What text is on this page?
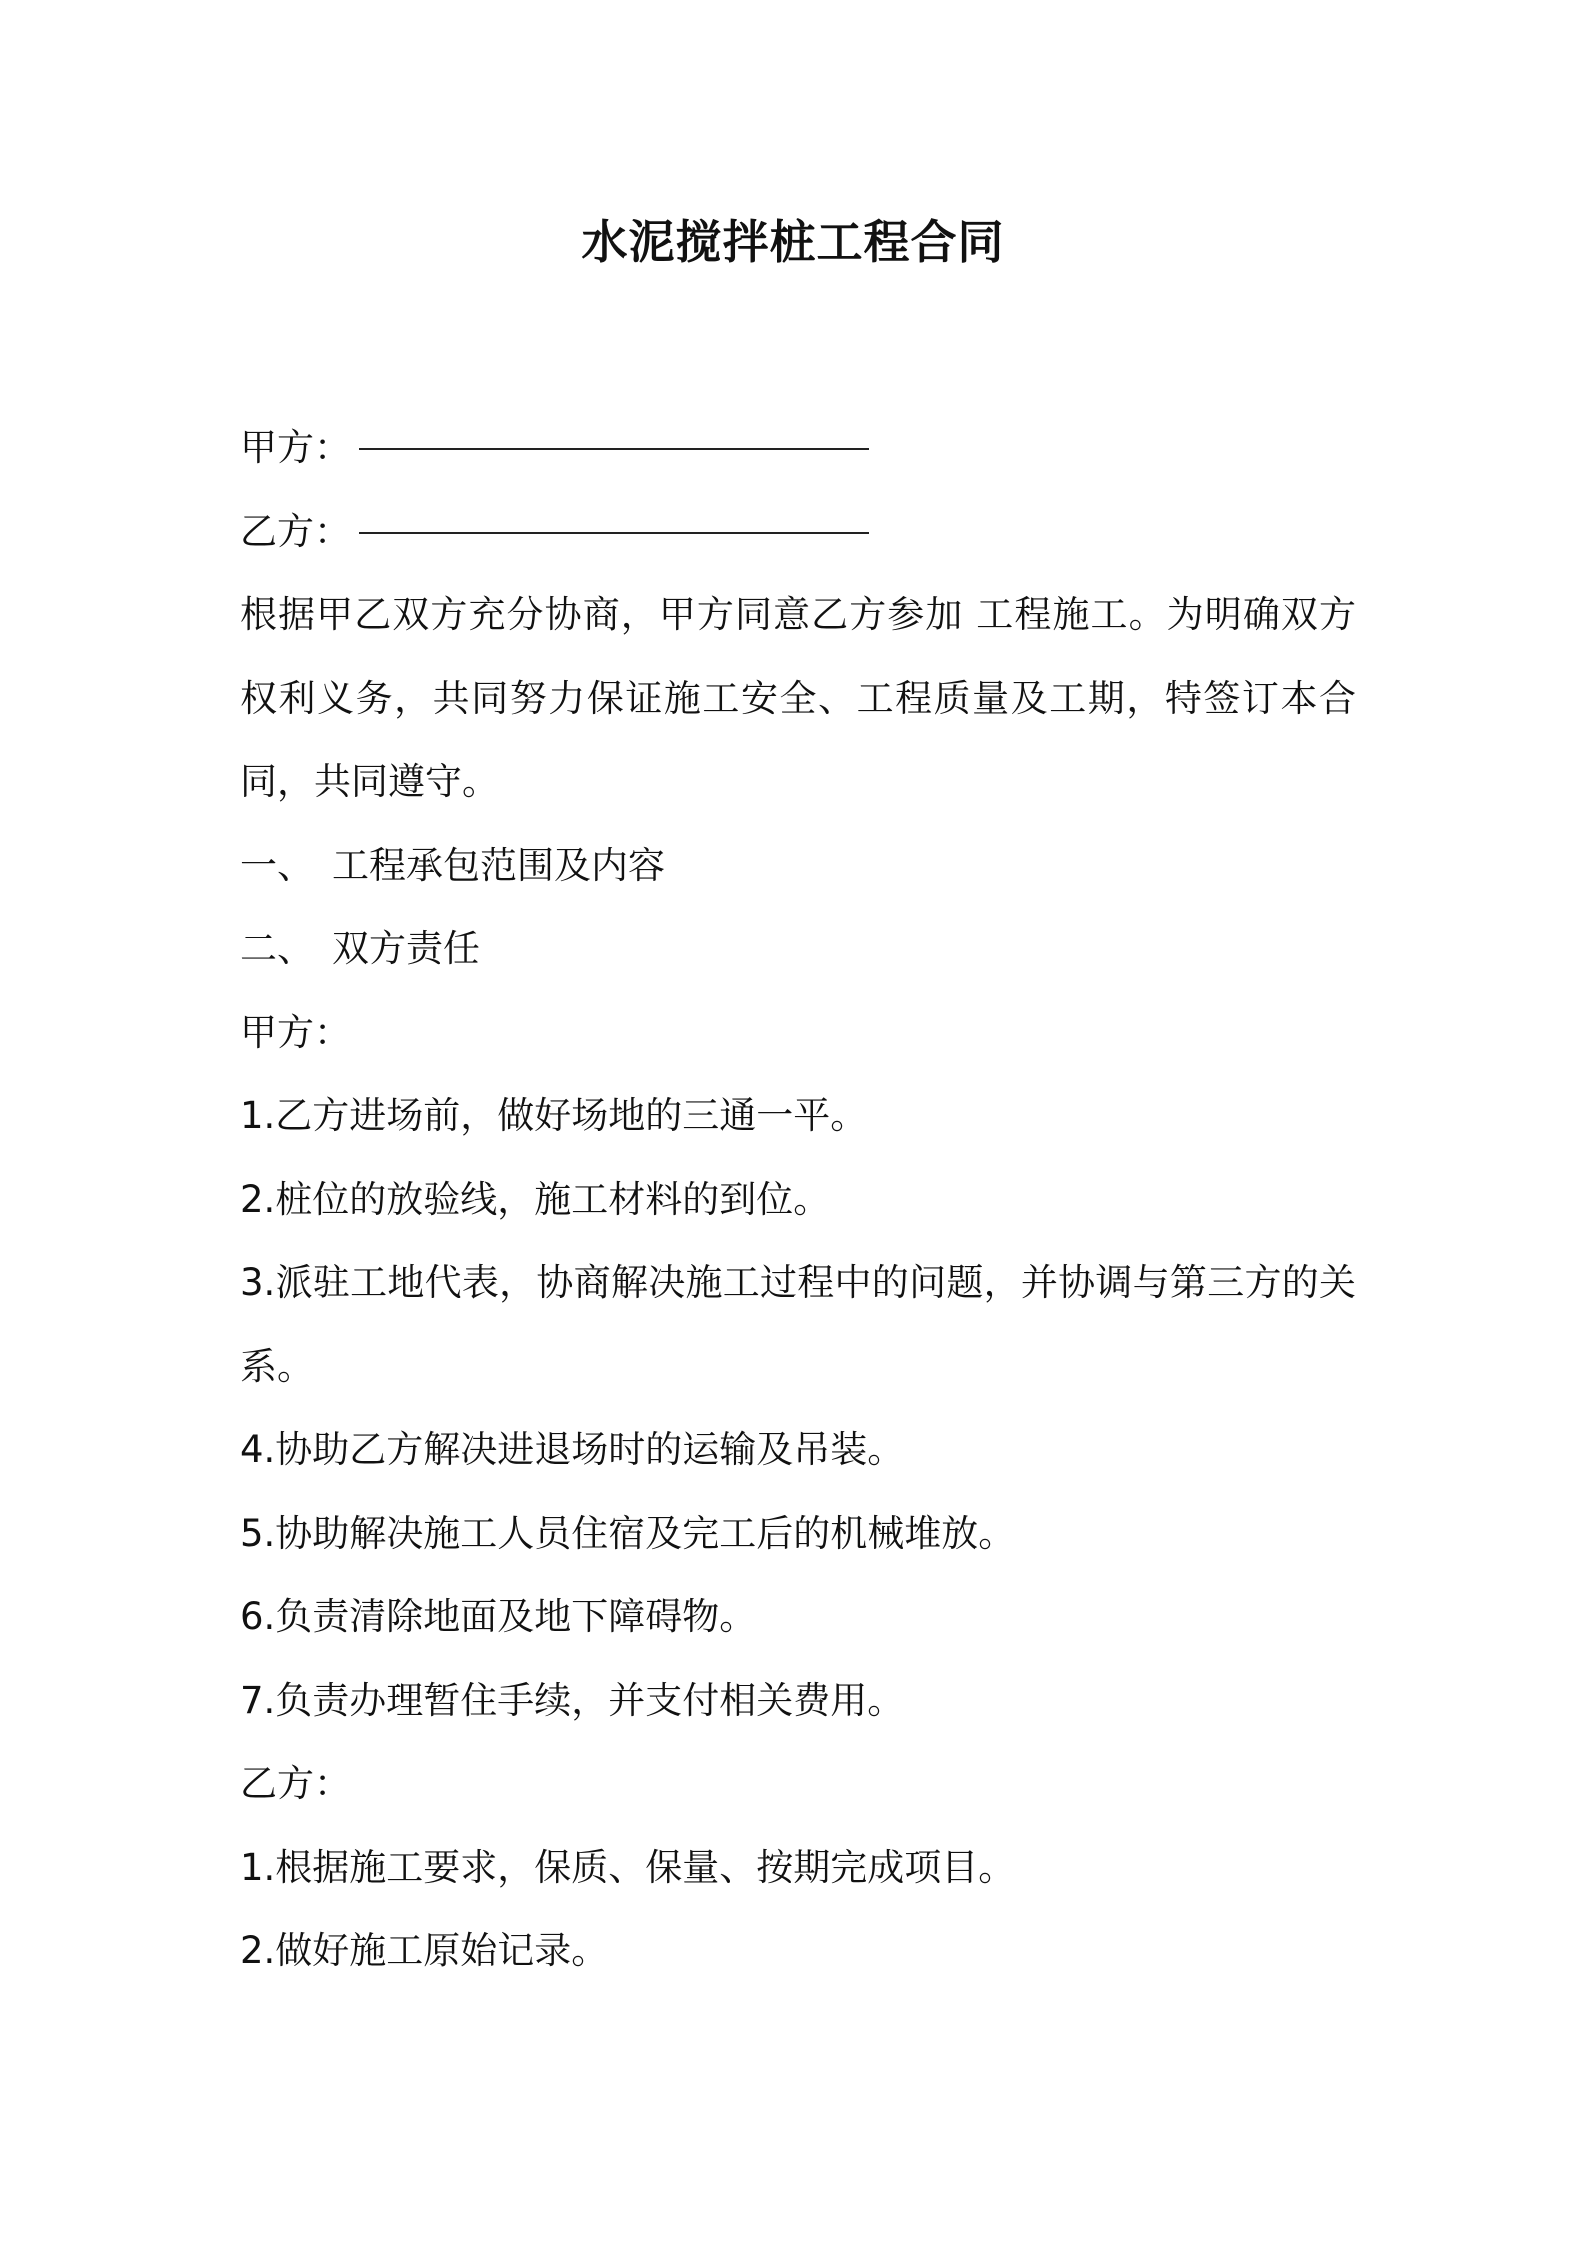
水泥搅拌桩工程合同
甲方：
乙方：
根据甲乙双方充分协商，甲方同意乙方参加 工程施工。为明确双方权利义务，共同努力保证施工安全、工程质量及工期，特签订本合同，共同遵守。
一、 工程承包范围及内容
二、 双方责任
甲方：
1.乙方进场前，做好场地的三通一平。
2.桩位的放验线，施工材料的到位。
3.派驻工地代表，协商解决施工过程中的问题，并协调与第三方的关系。
4.协助乙方解决进退场时的运输及吊装。
5.协助解决施工人员住宿及完工后的机械堆放。
6.负责清除地面及地下障碍物。
7.负责办理暂住手续，并支付相关费用。
乙方：
1.根据施工要求，保质、保量、按期完成项目。
2.做好施工原始记录。
